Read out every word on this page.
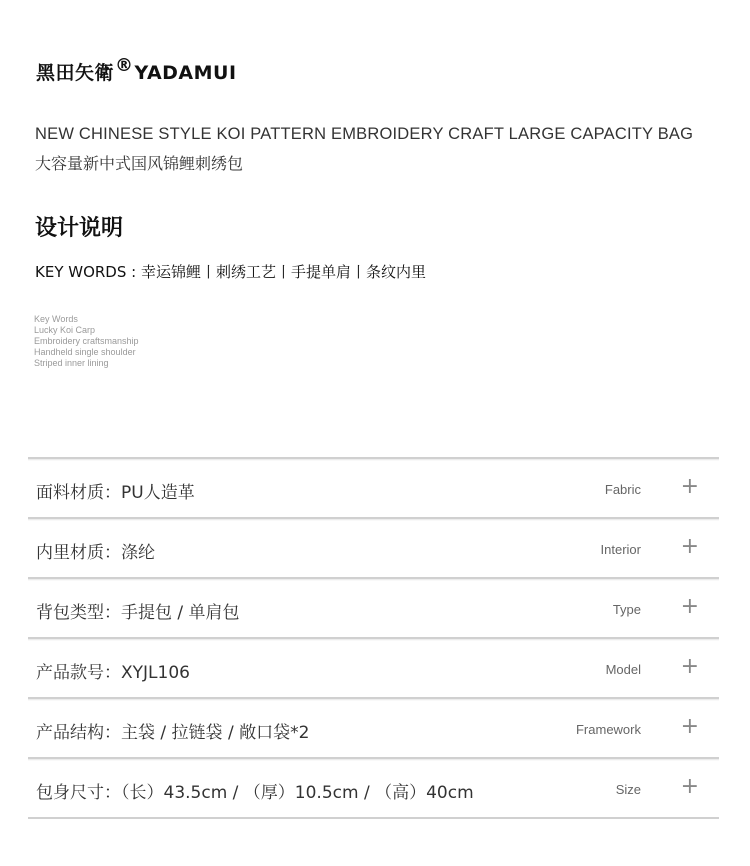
黑田矢衛®YADAMUI
NEW CHINESE STYLE KOI PATTERN EMBROIDERY CRAFT LARGE CAPACITY BAG
大容量新中式国风锦鲤刺绣包
设计说明
KEY WORDS : 幸运锦鲤丨刺绣工艺丨手提单肩丨条纹内里
Key Words
Lucky Koi Carp
Embroidery craftsmanship
Handheld single shoulder
Striped inner lining
面料材质：PU人造革	Fabric +
内里材质：涤纶	Interior +
背包类型：手提包 / 单肩包	Type +
产品款号：XYJL106	Model +
产品结构：主袋 / 拉链袋 / 敞口袋*2	Framework +
包身尺寸：（长）43.5cm / （厚）10.5cm / （高）40cm	Size +
